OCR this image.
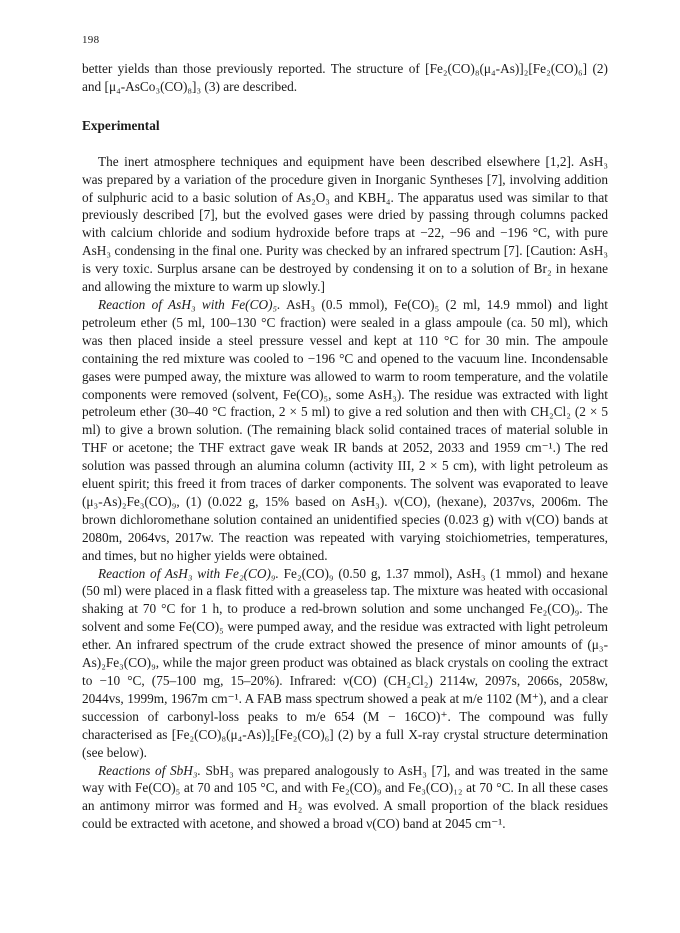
198

better yields than those previously reported. The structure of [Fe₂(CO)₈(μ₄-As)]₂[Fe₂(CO)₆] (2) and [μ₄-AsCo₃(CO)₈]₃ (3) are described.

Experimental

The inert atmosphere techniques and equipment have been described elsewhere [1,2]. AsH₃ was prepared by a variation of the procedure given in Inorganic Syntheses [7], involving addition of sulphuric acid to a basic solution of As₂O₃ and KBH₄. The apparatus used was similar to that previously described [7], but the evolved gases were dried by passing through columns packed with calcium chloride and sodium hydroxide before traps at −22, −96 and −196 °C, with pure AsH₃ condensing in the final one. Purity was checked by an infrared spectrum [7]. [Caution: AsH₃ is very toxic. Surplus arsane can be destroyed by condensing it on to a solution of Br₂ in hexane and allowing the mixture to warm up slowly.]

Reaction of AsH₃ with Fe(CO)₅. AsH₃ (0.5 mmol), Fe(CO)₅ (2 ml, 14.9 mmol) and light petroleum ether (5 ml, 100–130 °C fraction) were sealed in a glass ampoule (ca. 50 ml), which was then placed inside a steel pressure vessel and kept at 110 °C for 30 min. The ampoule containing the red mixture was cooled to −196 °C and opened to the vacuum line. Incondensable gases were pumped away, the mixture was allowed to warm to room temperature, and the volatile components were removed (solvent, Fe(CO)₅, some AsH₃). The residue was extracted with light petroleum ether (30–40 °C fraction, 2 × 5 ml) to give a red solution and then with CH₂Cl₂ (2 × 5 ml) to give a brown solution. (The remaining black solid contained traces of material soluble in THF or acetone; the THF extract gave weak IR bands at 2052, 2033 and 1959 cm⁻¹.) The red solution was passed through an alumina column (activity III, 2 × 5 cm), with light petroleum as eluent spirit; this freed it from traces of darker components. The solvent was evaporated to leave (μ₃-As)₂Fe₃(CO)₉, (1) (0.022 g, 15% based on AsH₃). ν(CO), (hexane), 2037vs, 2006m. The brown dichloromethane solution contained an unidentified species (0.023 g) with ν(CO) bands at 2080m, 2064vs, 2017w. The reaction was repeated with varying stoichiometries, temperatures, and times, but no higher yields were obtained.

Reaction of AsH₃ with Fe₂(CO)₉. Fe₂(CO)₉ (0.50 g, 1.37 mmol), AsH₃ (1 mmol) and hexane (50 ml) were placed in a flask fitted with a greaseless tap. The mixture was heated with occasional shaking at 70 °C for 1 h, to produce a red-brown solution and some unchanged Fe₂(CO)₉. The solvent and some Fe(CO)₅ were pumped away, and the residue was extracted with light petroleum ether. An infrared spectrum of the crude extract showed the presence of minor amounts of (μ₃-As)₂Fe₃(CO)₉, while the major green product was obtained as black crystals on cooling the extract to −10 °C, (75–100 mg, 15–20%). Infrared: ν(CO) (CH₂Cl₂) 2114w, 2097s, 2066s, 2058w, 2044vs, 1999m, 1967m cm⁻¹. A FAB mass spectrum showed a peak at m/e 1102 (M⁺), and a clear succession of carbonyl-loss peaks to m/e 654 (M − 16CO)⁺. The compound was fully characterised as [Fe₂(CO)₈(μ₄-As)]₂[Fe₂(CO)₆] (2) by a full X-ray crystal structure determination (see below).

Reactions of SbH₃. SbH₃ was prepared analogously to AsH₃ [7], and was treated in the same way with Fe(CO)₅ at 70 and 105 °C, and with Fe₂(CO)₉ and Fe₃(CO)₁₂ at 70 °C. In all these cases an antimony mirror was formed and H₂ was evolved. A small proportion of the black residues could be extracted with acetone, and showed a broad ν(CO) band at 2045 cm⁻¹.
